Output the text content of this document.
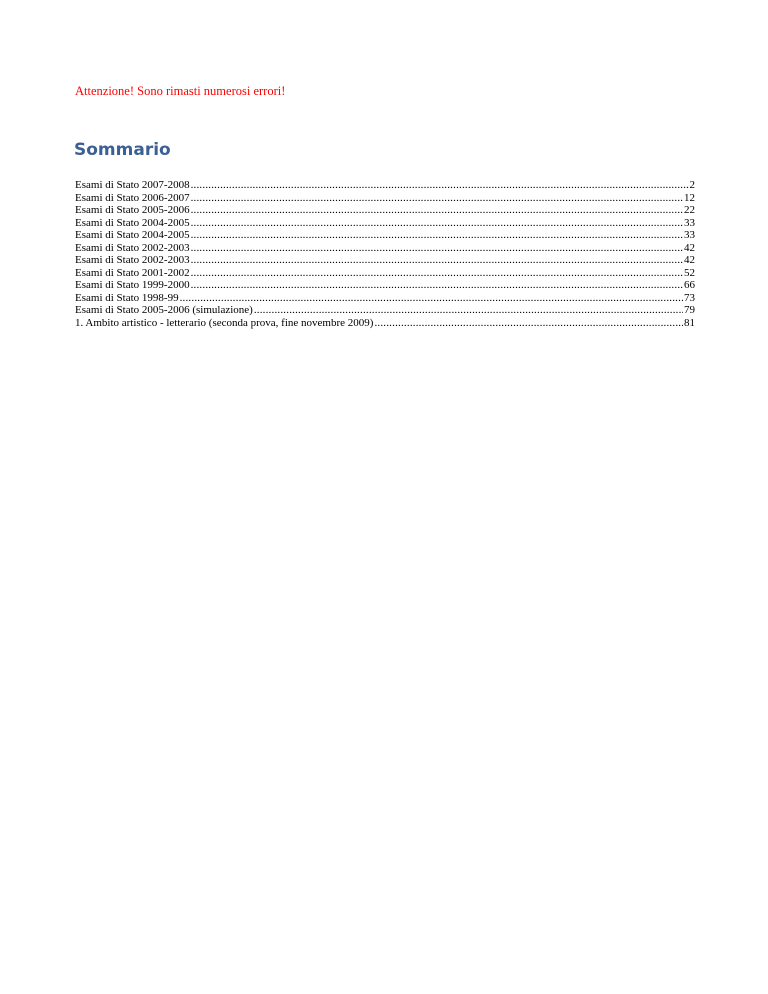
Attenzione! Sono rimasti numerosi errori!
Sommario
Esami di Stato 2007-2008 .....	2
Esami di Stato 2006-2007 .....	12
Esami di Stato 2005-2006 .....	22
Esami di Stato 2004-2005 .....	33
Esami di Stato 2004-2005 .....	33
Esami di Stato 2002-2003 .....	42
Esami di Stato 2002-2003 .....	42
Esami di Stato 2001-2002 .....	52
Esami di Stato 1999-2000 .....	66
Esami di Stato 1998-99 .....	73
Esami di Stato 2005-2006 (simulazione) .....	79
1. Ambito artistico - letterario (seconda prova, fine novembre 2009) .....	81
